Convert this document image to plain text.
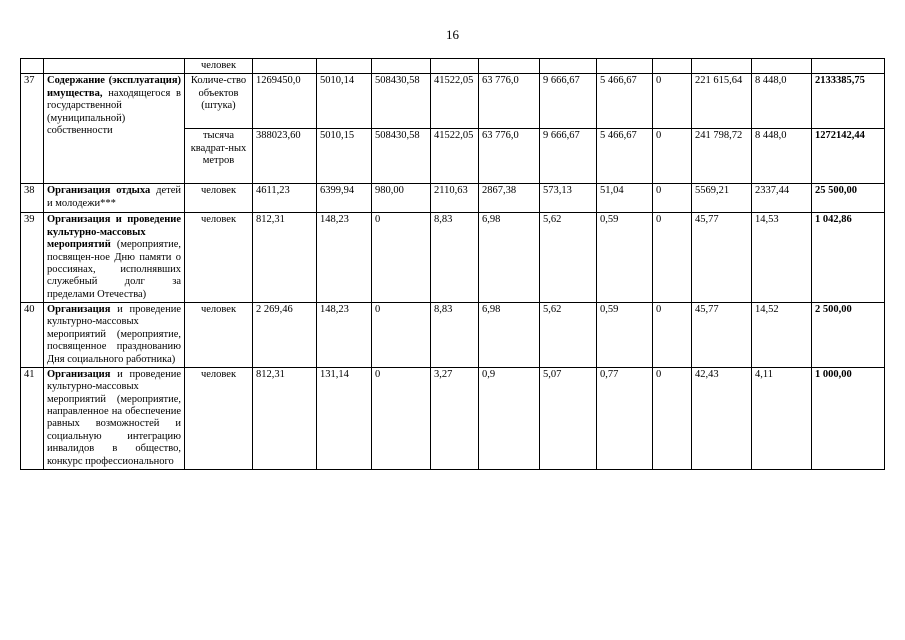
16
		человек											
37	Содержание (эксплуатация) имущества, находящегося в государственной (муниципальной) собственности	Количе-ство объектов (штука)	1269450,0	5010,14	508430,58	41522,05	63 776,0	9 666,67	5 466,67	0	221 615,64	8 448,0	2133385,75
		тысяча квадрат-ных метров	388023,60	5010,15	508430,58	41522,05	63 776,0	9 666,67	5 466,67	0	241 798,72	8 448,0	1272142,44
38	Организация отдыха детей и молодежи***	человек	4611,23	6399,94	980,00	2110,63	2867,38	573,13	51,04	0	5569,21	2337,44	25 500,00
39	Организация и проведение культурно-массовых мероприятий (мероприятие, посвящен-ное Дню памяти о россиянах, исполнявших служебный долг за пределами Отечества)	человек	812,31	148,23	0	8,83	6,98	5,62	0,59	0	45,77	14,53	1 042,86
40	Организация и проведение культурно-массовых мероприятий (мероприятие, посвященное празднованию Дня социального работника)	человек	2 269,46	148,23	0	8,83	6,98	5,62	0,59	0	45,77	14,52	2 500,00
41	Организация и проведение культурно-массовых мероприятий (мероприятие, направленное на обеспечение равных возможностей и социальную интеграцию инвалидов в общество, конкурс профессионального	человек	812,31	131,14	0	3,27	0,9	5,07	0,77	0	42,43	4,11	1 000,00
